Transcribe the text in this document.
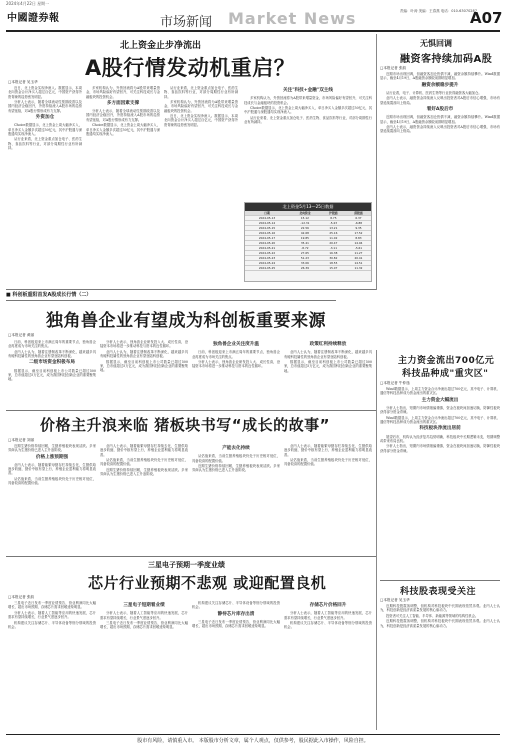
2024年4月22日 星期一
中國證券報	市场新闻 Market News	责编：叶涛 美编：王春燕 电话：010-63070287
A07
北上资金止步净流出
A股行情发动机重启？
□本报记者 吴玉华

近日，北上资金实现净流入。数据显示，本周北向资金合计净买入超过百亿元，中国资产获得外资青睐的趋势愈发明显。

分析人士表示，随着全球流动性预期改善以及国内经济企稳回升，外资持续流入A股市场的趋势有望延续，对A股行情形成有力支撑。

外资加仓

Choice数据显示，北上资金上周大幅净买入，单日净买入金额多次超过50亿元，其中沪股通与深股通均实现净流入。

从行业来看，北上资金重点加仓电子、医药生物、食品饮料等行业，对部分周期性行业有所减持。

多家机构认为，外资回流将为A股带来增量资金，市场风险偏好有望回升，可关注科技成长与金融板块的投资机会。

多方面因素支撑

分析人士表示，随着全球流动性预期改善以及国内经济企稳回升，外资持续流入A股市场的趋势有望延续，对A股行情形成有力支撑。

Choice数据显示，北上资金上周大幅净买入，单日净买入金额多次超过50亿元，其中沪股通与深股通均实现净流入。

从行业来看，北上资金重点加仓电子、医药生物、食品饮料等行业，对部分周期性行业有所减持。

多家机构认为，外资回流将为A股带来增量资金，市场风险偏好有望回升，可关注科技成长与金融板块的投资机会。

近日，北上资金实现净流入。数据显示，本周北向资金合计净买入超过百亿元，中国资产获得外资青睐的趋势愈发明显。

关注"科技+金融"双主线

多家机构认为，外资回流将为A股带来增量资金，市场风险偏好有望回升，可关注科技成长与金融板块的投资机会。

Choice数据显示，北上资金上周大幅净买入，单日净买入金额多次超过50亿元，其中沪股通与深股通均实现净流入。

从行业来看，北上资金重点加仓电子、医药生物、食品饮料等行业，对部分周期性行业有所减持。

北上资金5月13—25日数据
日期	北向资金	沪股通	深股通
2024-05-13	15.12	8.75	6.37
2024-05-14	-12.31	-5.43	-6.88
2024-05-15	22.56	13.21	9.35
2024-05-16	42.68	25.16	17.52
2024-05-17	19.85	11.02	8.83
2024-05-20	35.41	20.47	14.94
2024-05-21	-8.72	-3.11	-5.61
2024-05-22	27.65	16.38	11.27
2024-05-23	51.23	30.82	20.41
2024-05-24	33.06	18.55	14.51
2024-05-25	26.39	15.07	11.32
无惧回调
融资客持续加码A股
□本报记者 张韵

近期市场出现回调，但融资客加仓热情不减，融资余额持续攀升。Wind数据显示，截至4月19日，A股融资余额较前期明显增加。

融资余额稳步提升

从行业看，电子、计算机、医药生物等行业获得融资客大幅加仓。

业内人士表示，融资资金持续流入反映出投资者对A股后市信心增强，市场有望延续震荡向上格局。

看好A股后市

近期市场出现回调，但融资客加仓热情不减，融资余额持续攀升。Wind数据显示，截至4月19日，A股融资余额较前期明显增加。

业内人士表示，融资资金持续流入反映出投资者对A股后市信心增强，市场有望延续震荡向上格局。

■ 科创板重阳首发A股成长行情（二）
独角兽企业有望成为科创板重要来源
□本报记者 黄丽

日前，科创板迎来上市满五周年的重要节点，独角兽企业再度成为市场关注的焦点。

业内人士认为，随着注册制改革不断深化，越来越多具有硬科技属性的独角兽企业有望登陆科创板。

二级市场资金积极布局

数据显示，截至目前科创板上市公司数量已超过500家，总市值超过5万亿元，成为我国科技创新企业的重要聚集地。

分析人士表示，独角兽企业研发投入大、成长性高，登陆资本市场将进一步推动科技与资本的良性循环。

业内人士认为，随着注册制改革不断深化，越来越多具有硬科技属性的独角兽企业有望登陆科创板。

数据显示，截至目前科创板上市公司数量已超过500家，总市值超过5万亿元，成为我国科技创新企业的重要聚集地。

独角兽企业关注度升温

日前，科创板迎来上市满五周年的重要节点，独角兽企业再度成为市场关注的焦点。

分析人士表示，独角兽企业研发投入大、成长性高，登陆资本市场将进一步推动科技与资本的良性循环。

政策红利持续释放

业内人士认为，随着注册制改革不断深化，越来越多具有硬科技属性的独角兽企业有望登陆科创板。

数据显示，截至目前科创板上市公司数量已超过500家，总市值超过5万亿元，成为我国科技创新企业的重要聚集地。

主力资金流出700亿元
科技品种成"重灾区"
□本报记者 牛仲逸

Wind数据显示，上周主力资金合计净流出超过700亿元，其中电子、计算机、通信等科技品种成为资金流出的重灾区。

主力资金大幅流出

分析人士指出，短期内市场情绪偏谨慎，资金在板块间加速切换，防御性板块获得部分资金青睐。

Wind数据显示，上周主力资金合计净流出超过700亿元，其中电子、计算机、通信等科技品种成为资金流出的重灾区。

科技板块净流出居前

展望后市，机构认为经济复苏趋势明确，科技板块中长期逻辑未变，短期调整或带来布局良机。

分析人士指出，短期内市场情绪偏谨慎，资金在板块间加速切换，防御性板块获得部分资金青睐。

价格主升浪来临 猪板块书写“成长的故事”
□本报记者 刘丽

近期生猪价格持续回暖，生猪养殖板块表现活跃。多家券商认为生猪价格已进入主升浪阶段。

价格上涨预期强

业内人士表示，随着能繁母猪存栏持续去化，生猪供给逐步收缩，猪价中枢有望上行，养殖企业盈利能力将明显改善。

从估值来看，当前生猪养殖板块仍处于历史相对低位，具备较高的配置价值。

业内人士表示，随着能繁母猪存栏持续去化，生猪供给逐步收缩，猪价中枢有望上行，养殖企业盈利能力将明显改善。

从估值来看，当前生猪养殖板块仍处于历史相对低位，具备较高的配置价值。

近期生猪价格持续回暖，生猪养殖板块表现活跃。多家券商认为生猪价格已进入主升浪阶段。

产能去化持续

从估值来看，当前生猪养殖板块仍处于历史相对低位，具备较高的配置价值。

近期生猪价格持续回暖，生猪养殖板块表现活跃。多家券商认为生猪价格已进入主升浪阶段。

业内人士表示，随着能繁母猪存栏持续去化，生猪供给逐步收缩，猪价中枢有望上行，养殖企业盈利能力将明显改善。

从估值来看，当前生猪养殖板块仍处于历史相对低位，具备较高的配置价值。

三星电子预期一季度业绩
芯片行业预期不悲观 或迎配置良机
□本报记者 张韵

三星电子近日发布一季度业绩预告，营业利润同比大幅增长，超出市场预期，存储芯片需求回暖迹象明显。

分析人士表示，随着人工智能等应用的快速发展，芯片需求有望持续增长，行业景气度逐步回升。

机构建议关注存储芯片、半导体设备等细分领域的投资机会。

三星电子短期看业绩

分析人士表示，随着人工智能等应用的快速发展，芯片需求有望持续增长，行业景气度逐步回升。

三星电子近日发布一季度业绩预告，营业利润同比大幅增长，超出市场预期，存储芯片需求回暖迹象明显。

机构建议关注存储芯片、半导体设备等细分领域的投资机会。

静待芯片库存出清

三星电子近日发布一季度业绩预告，营业利润同比大幅增长，超出市场预期，存储芯片需求回暖迹象明显。

存储芯片价格回升

分析人士表示，随着人工智能等应用的快速发展，芯片需求有望持续增长，行业景气度逐步回升。

机构建议关注存储芯片、半导体设备等细分领域的投资机会。

科技股表现受关注
□本报记者 吴玉华

近期科技股震荡调整，但机构对科技板块中长期表现依然乐观。业内人士认为，科技创新是经济高质量发展的核心驱动力。

投资者可关注人工智能、半导体、新能源等领域的结构性机会。

近期科技股震荡调整，但机构对科技板块中长期表现依然乐观。业内人士认为，科技创新是经济高质量发展的核心驱动力。

股市有风险，请慎重入市。 本版股市分析文章，属个人观点，仅供参考，股民据此入市操作，风险自担。
